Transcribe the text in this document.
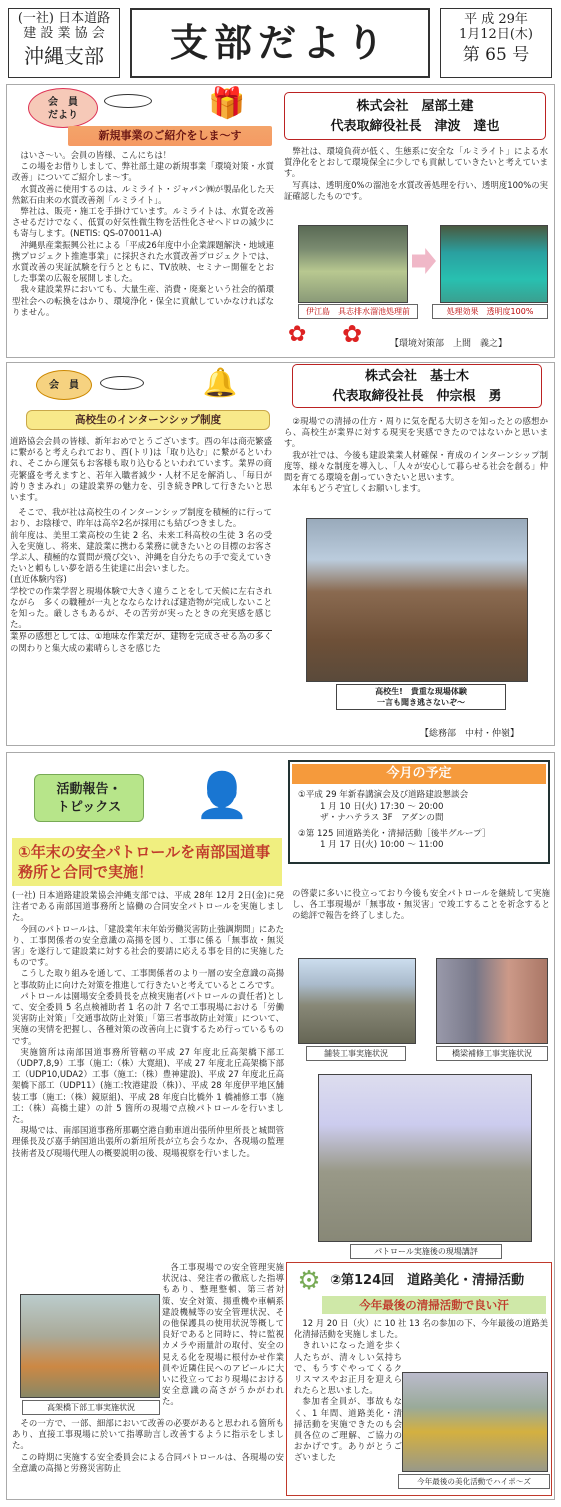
(一社) 日本道路
建 設 業 協 会
沖縄支部	支部だより
平 成 29年
1月12日(木)
第 65 号
会　員
だより	🎁
新規事業のご紹介をしま～す

はいさ～い。会員の皆様、こんにちは！

この場をお借りしまして、弊社部土建の新規事業「環境対策・水質改善」についてご紹介しま～す。

水質改善に使用するのは、ルミライト・ジャパン㈱が製品化した天然鉱石由来の水質改善剤「ルミライト」。

弊社は、販売・施工を手掛けています。ルミライトは、水質を改善させるだけでなく、低質の好気性微生物を活性化させヘドロの減少にも寄与します。(NETIS: QS-070011-A)

沖縄県産業振興公社による「平成26年度中小企業課題解決・地域連携プロジェクト推進事業」に採択された水質改善プロジェクトでは、水質改善の実証試験を行うとともに、TV放映、セミナー開催をとおした事業の広報を展開しました。

我々建設業界においても、大量生産、消費・廃棄という社会的循環型社会への転換をはかり、環境浄化・保全に貢献していかなければなりません。

株式会社　屋部土建
代表取締役社長　津波　達也

弊社は、環境負荷が低く、生態系に安全な「ルミライト」による水質浄化をとおして環境保全に少しでも貢献していきたいと考えています。

写真は、透明度0%の溜池を水質改善処理を行い、透明度100%の実証確認したものです。

伊江島　具志排水溜池処理前	処理効果　透明度100%
✿ ✿	【環境対策部　上間　義之】
会　員	🔔
高校生のインターンシップ制度

道路協会会員の皆様、新年おめでとうございます。酉の年は商売繁盛に繋がると考えられており、酉(トリ)は「取り込む」に繋がるといわれ、そこから運気もお客様も取り込むるといわれています。業界の商売繁盛を考えますと、若年入職者減少・人材不足を解消し、「毎日が誇りきまみれ」の建設業界の魅力を、引き続きPRして行きたいと思います。

そこで、我が社は高校生のインターンシップ制度を積極的に行っており、お陰様で、昨年は高卒2名が採用にも結びつきました。

前年度は、美里工業高校の生徒 2 名、未来工科高校の生徒 3 名の受入を実施し、将来、建設業に携わる業務に就きたいとの目標のお客さ学ぶ人、積極的な質問が飛び交い、沖縄を自分たちの手で変えていきたいと頼もしい夢を語る生徒達に出会いました。

(直近体験内容)

学校での作業学習と現場体験で大きく違うことをして天候に左右されながら　多くの職種が一丸となならなければ建造物が完成しないことを知った。厳しさもあるが、その苦労が実ったときの充実感を感じた。

業界の感想としては、①地味な作業だが、建物を完成させる為の多くの関わりと集大成の素晴らしさを感じた

株式会社　基士木
代表取締役社長　仲宗根　勇

②現場での清掃の仕方・周りに気を配る大切さを知ったとの感想から、高校生が業界に対する現実を実感できたのではないかと思います。

我が社では、今後も建設業業人材確保・育成のインターンシップ制度等、様々な制度を導入し、「人々が安心して暮らせる社会を創る」仲間を育てる環境を創っていきたいと思います。

本年もどうぞ宜しくお願いします。

高校生!　貴重な現場体験
一言も聞き逃さないぞ～
【総務部　中村・仲嶺】
活動報告・
トピックス	👤
①年末の安全パトロールを南部国道事務所と合同で実施！

(一社) 日本道路建設業協会沖縄支部では、平成 28年 12月 2日(金)に発注者である南部国道事務所と協働の合同安全パトロールを実施しました。

今回のパトロールは、「建設業年末年始労働災害防止強調期間」にあたり、工事関係者の安全意識の高揚を図り、工事に係る「無事故・無災害」を遂行して建設業に対する社会的要請に応える事を目的に実施したものです。

こうした取り組みを通して、工事関係者のより一層の安全意識の高揚と事故防止に向けた対策を推進して行きたいと考えているところです。

パトロールは園場安全委員長を点検実施者(パトロールの責任者)として、安全委員 5 名点検補助者 1 名の計 7 名で工事現場における「労働災害防止対策」「交通事故防止対策」「第三者事故防止対策」について、実施の実情を把握し、各種対策の改善向上に資するため行っているものです。

実施箇所は南部国道事務所管轄の平成 27 年度北丘高架橋下部工（UDP7,8,9）工事（施工:（株）大寛組)、平成 27 年度北丘高架橋下部工（UDP10,UDA2）工事（施工:（株）豊神建設)、平成 27 年度北丘高架橋下部工（UDP11）(施工:牧港建設（株)）、平成 28 年度伊平地区舗装工事（施工:（株）鏡原組)、平成 28 年度白比橋外 1 橋補修工事（施工:（株）高橋土建）の計 5 箇所の現場で点検パトロールを行いました。

現場では、南部国道事務所那覇空港自動車道出張所仲里所長と城間管理係長及び嘉手納国道出張所の新垣所長が立ち会うなか、各現場の監理技術者及び現場代理人の概要説明の後、現場視察を行いました。

高架橋下部工事実施状況

各工事現場での安全管理実施状況は、発注者の徹底した指導もあり、整理整頓、第三者対策、安全対策、揚重機や車輌系建設機械等の安全管理状況、その他保護具の使用状況等概して良好であると同時に、特に監視カメラや雨量計の取付、安全の見える化を現場に根付かせ作業員や近隣住民へのアピールに大いに役立っており現場における安全意識の高さがうかがわれた。

その一方で、一部、細部において改善の必要があると思われる箇所もあり、直接工事現場に於いて指導助言し改善するように指示をしました。

この時期に実施する安全委員会による合同パトロールは、各現場の安全意識の高揚と労務災害防止

今月の予定
①平成 29 年新春講演会及び道路建設懇談会
1 月 10 日(火) 17:30 ～ 20:00
ザ・ナハテラス 3F　アダンの間
②第 125 回道路美化・清掃活動［後半グループ］
1 月 17 日(火) 10:00 ～ 11:00

の啓蒙に多いに役立っており今後も安全パトロールを継続して実施し、各工事現場が「無事故・無災害」で竣工することを祈念するとの総評で報告を終了しました。

舗装工事実施状況	橋梁補修工事実施状況
パトロール実施後の現場講評
⚙ ②第124回　道路美化・清掃活動
今年最後の清掃活動で良い汗

12 月 20 日（火）に 10 社 13 名の参加の下、今年最後の道路美化清掃活動を実施しました。

きれいになった道を歩く人たちが、清々しい気持ちで、もうすぐやってくるクリスマスやお正月を迎えられたらと思いました。

参加者全員が、事故もなく、1 年間、道路美化・清掃活動を実施できたのも会員各位のご理解、ご協力のおかげです。ありがとうございました

今年最後の美化活動でハイポ～ズ
